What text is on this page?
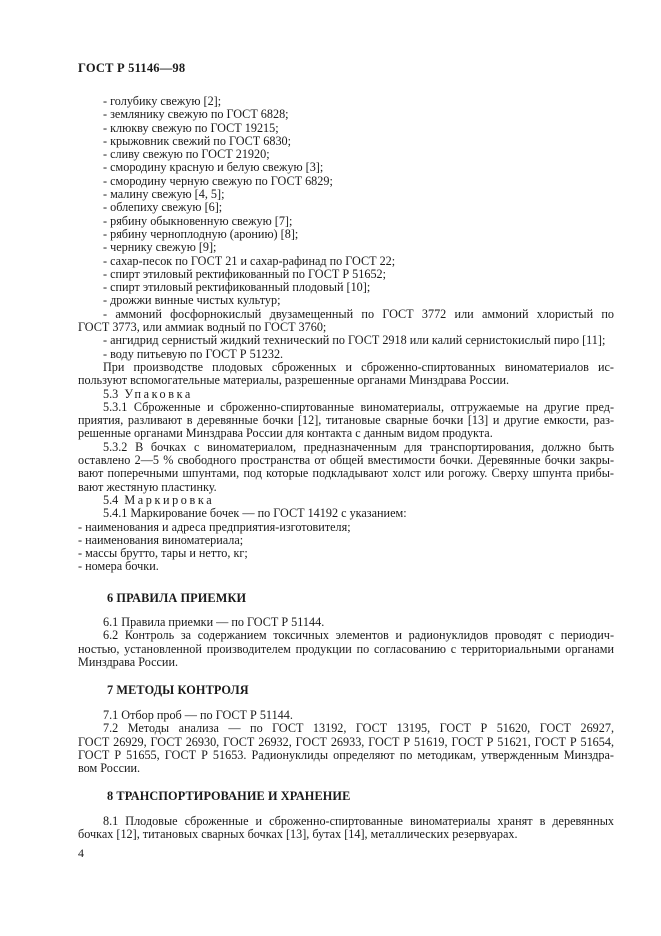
ГОСТ Р 51146—98
- голубику свежую [2];
- землянику свежую по ГОСТ 6828;
- клюкву свежую по ГОСТ 19215;
- крыжовник свежий по ГОСТ 6830;
- сливу свежую по ГОСТ 21920;
- смородину красную и белую свежую [3];
- смородину черную свежую по ГОСТ 6829;
- малину свежую [4, 5];
- облепиху свежую [6];
- рябину обыкновенную свежую [7];
- рябину черноплодную (аронию) [8];
- чернику свежую [9];
- сахар-песок по ГОСТ 21 и сахар-рафинад по ГОСТ 22;
- спирт этиловый ректификованный по ГОСТ Р 51652;
- спирт этиловый ректификованный плодовый [10];
- дрожжи винные чистых культур;
- аммоний фосфорнокислый двузамещенный по ГОСТ 3772 или аммоний хлористый по
ГОСТ 3773, или аммиак водный по ГОСТ 3760;
- ангидрид сернистый жидкий технический по ГОСТ 2918 или калий сернистокислый пиро [11];
- воду питьевую по ГОСТ Р 51232.
При производстве плодовых сброженных и сброженно-спиртованных виноматериалов ис-
пользуют вспомогательные материалы, разрешенные органами Минздрава России.
5.3 Упаковка
5.3.1 Сброженные и сброженно-спиртованные виноматериалы, отгружаемые на другие пред-
приятия, разливают в деревянные бочки [12], титановые сварные бочки [13] и другие емкости, раз-
решенные органами Минздрава России для контакта с данным видом продукта.
5.3.2 В бочках с виноматериалом, предназначенным для транспортирования, должно быть
оставлено 2—5 % свободного пространства от общей вместимости бочки. Деревянные бочки закры-
вают поперечными шпунтами, под которые подкладывают холст или рогожу. Сверху шпунта прибы-
вают жестяную пластинку.
5.4 Маркировка
5.4.1 Маркирование бочек — по ГОСТ 14192 с указанием:
- наименования и адреса предприятия-изготовителя;
- наименования виноматериала;
- массы брутто, тары и нетто, кг;
- номера бочки.
6 ПРАВИЛА ПРИЕМКИ
6.1 Правила приемки — по ГОСТ Р 51144.
6.2 Контроль за содержанием токсичных элементов и радионуклидов проводят с периодич-
ностью, установленной производителем продукции по согласованию с территориальными органами
Минздрава России.
7 МЕТОДЫ КОНТРОЛЯ
7.1 Отбор проб — по ГОСТ Р 51144.
7.2 Методы анализа — по ГОСТ 13192, ГОСТ 13195, ГОСТ Р 51620, ГОСТ 26927,
ГОСТ 26929, ГОСТ 26930, ГОСТ 26932, ГОСТ 26933, ГОСТ Р 51619, ГОСТ Р 51621, ГОСТ Р 51654,
ГОСТ Р 51655, ГОСТ Р 51653. Радионуклиды определяют по методикам, утвержденным Минздра-
вом России.
8 ТРАНСПОРТИРОВАНИЕ И ХРАНЕНИЕ
8.1 Плодовые сброженные и сброженно-спиртованные виноматериалы хранят в деревянных
бочках [12], титановых сварных бочках [13], бутах [14], металлических резервуарах.
4
